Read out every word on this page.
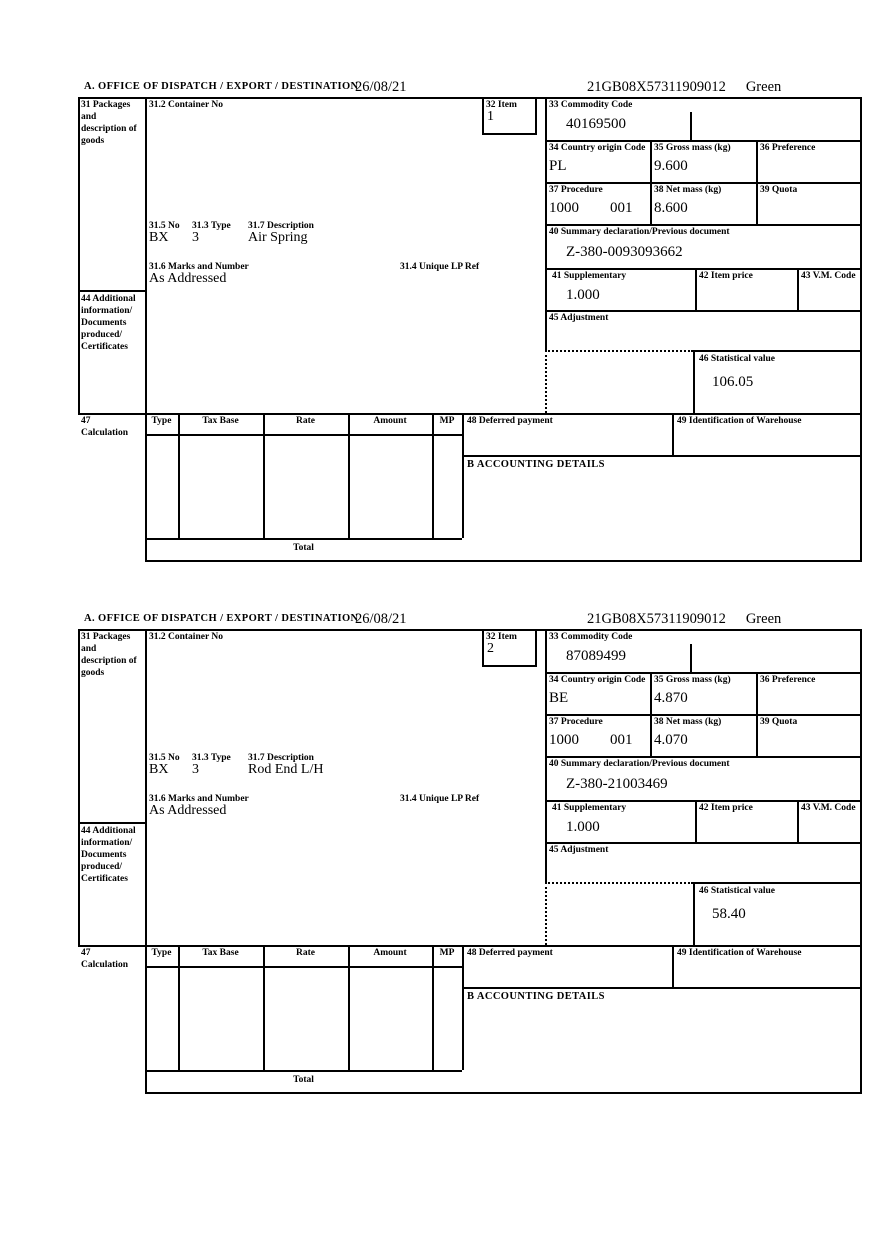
A. OFFICE OF DISPATCH / EXPORT / DESTINATION
26/08/21	21GB08X57311909012 Green
31 Packages and description of goods
44 Additional information/ Documents produced/ Certificates
47 Calculation
31.2 Container No	32 Item
1
31.5 No 31.3 Type 31.7 Description
BX 3	Air Spring
31.6 Marks and Number	31.4 Unique LP Ref
As Addressed
33 Commodity Code
40169500
34 Country origin Code
PL
35 Gross mass (kg)
9.600
36 Preference
37 Procedure
1000 001
38 Net mass (kg)
8.600
39 Quota
40 Summary declaration/Previous document
Z-380-0093093662
41 Supplementary
1.000
42 Item price	43 V.M. Code
45 Adjustment
46 Statistical value
106.05
Type	Tax Base	Rate	Amount	MP	48 Deferred payment	49 Identification of Warehouse
B ACCOUNTING DETAILS
Total
A. OFFICE OF DISPATCH / EXPORT / DESTINATION
26/08/21	21GB08X57311909012 Green
31 Packages and description of goods
44 Additional information/ Documents produced/ Certificates
47 Calculation
31.2 Container No	32 Item
2
31.5 No 31.3 Type 31.7 Description
BX 3	Rod End L/H
31.6 Marks and Number	31.4 Unique LP Ref
As Addressed
33 Commodity Code
87089499
34 Country origin Code
BE
35 Gross mass (kg)
4.870
36 Preference
37 Procedure
1000 001
38 Net mass (kg)
4.070
39 Quota
40 Summary declaration/Previous document
Z-380-21003469
41 Supplementary
1.000
42 Item price	43 V.M. Code
45 Adjustment
46 Statistical value
58.40
Type	Tax Base	Rate	Amount	MP	48 Deferred payment	49 Identification of Warehouse
B ACCOUNTING DETAILS
Total
